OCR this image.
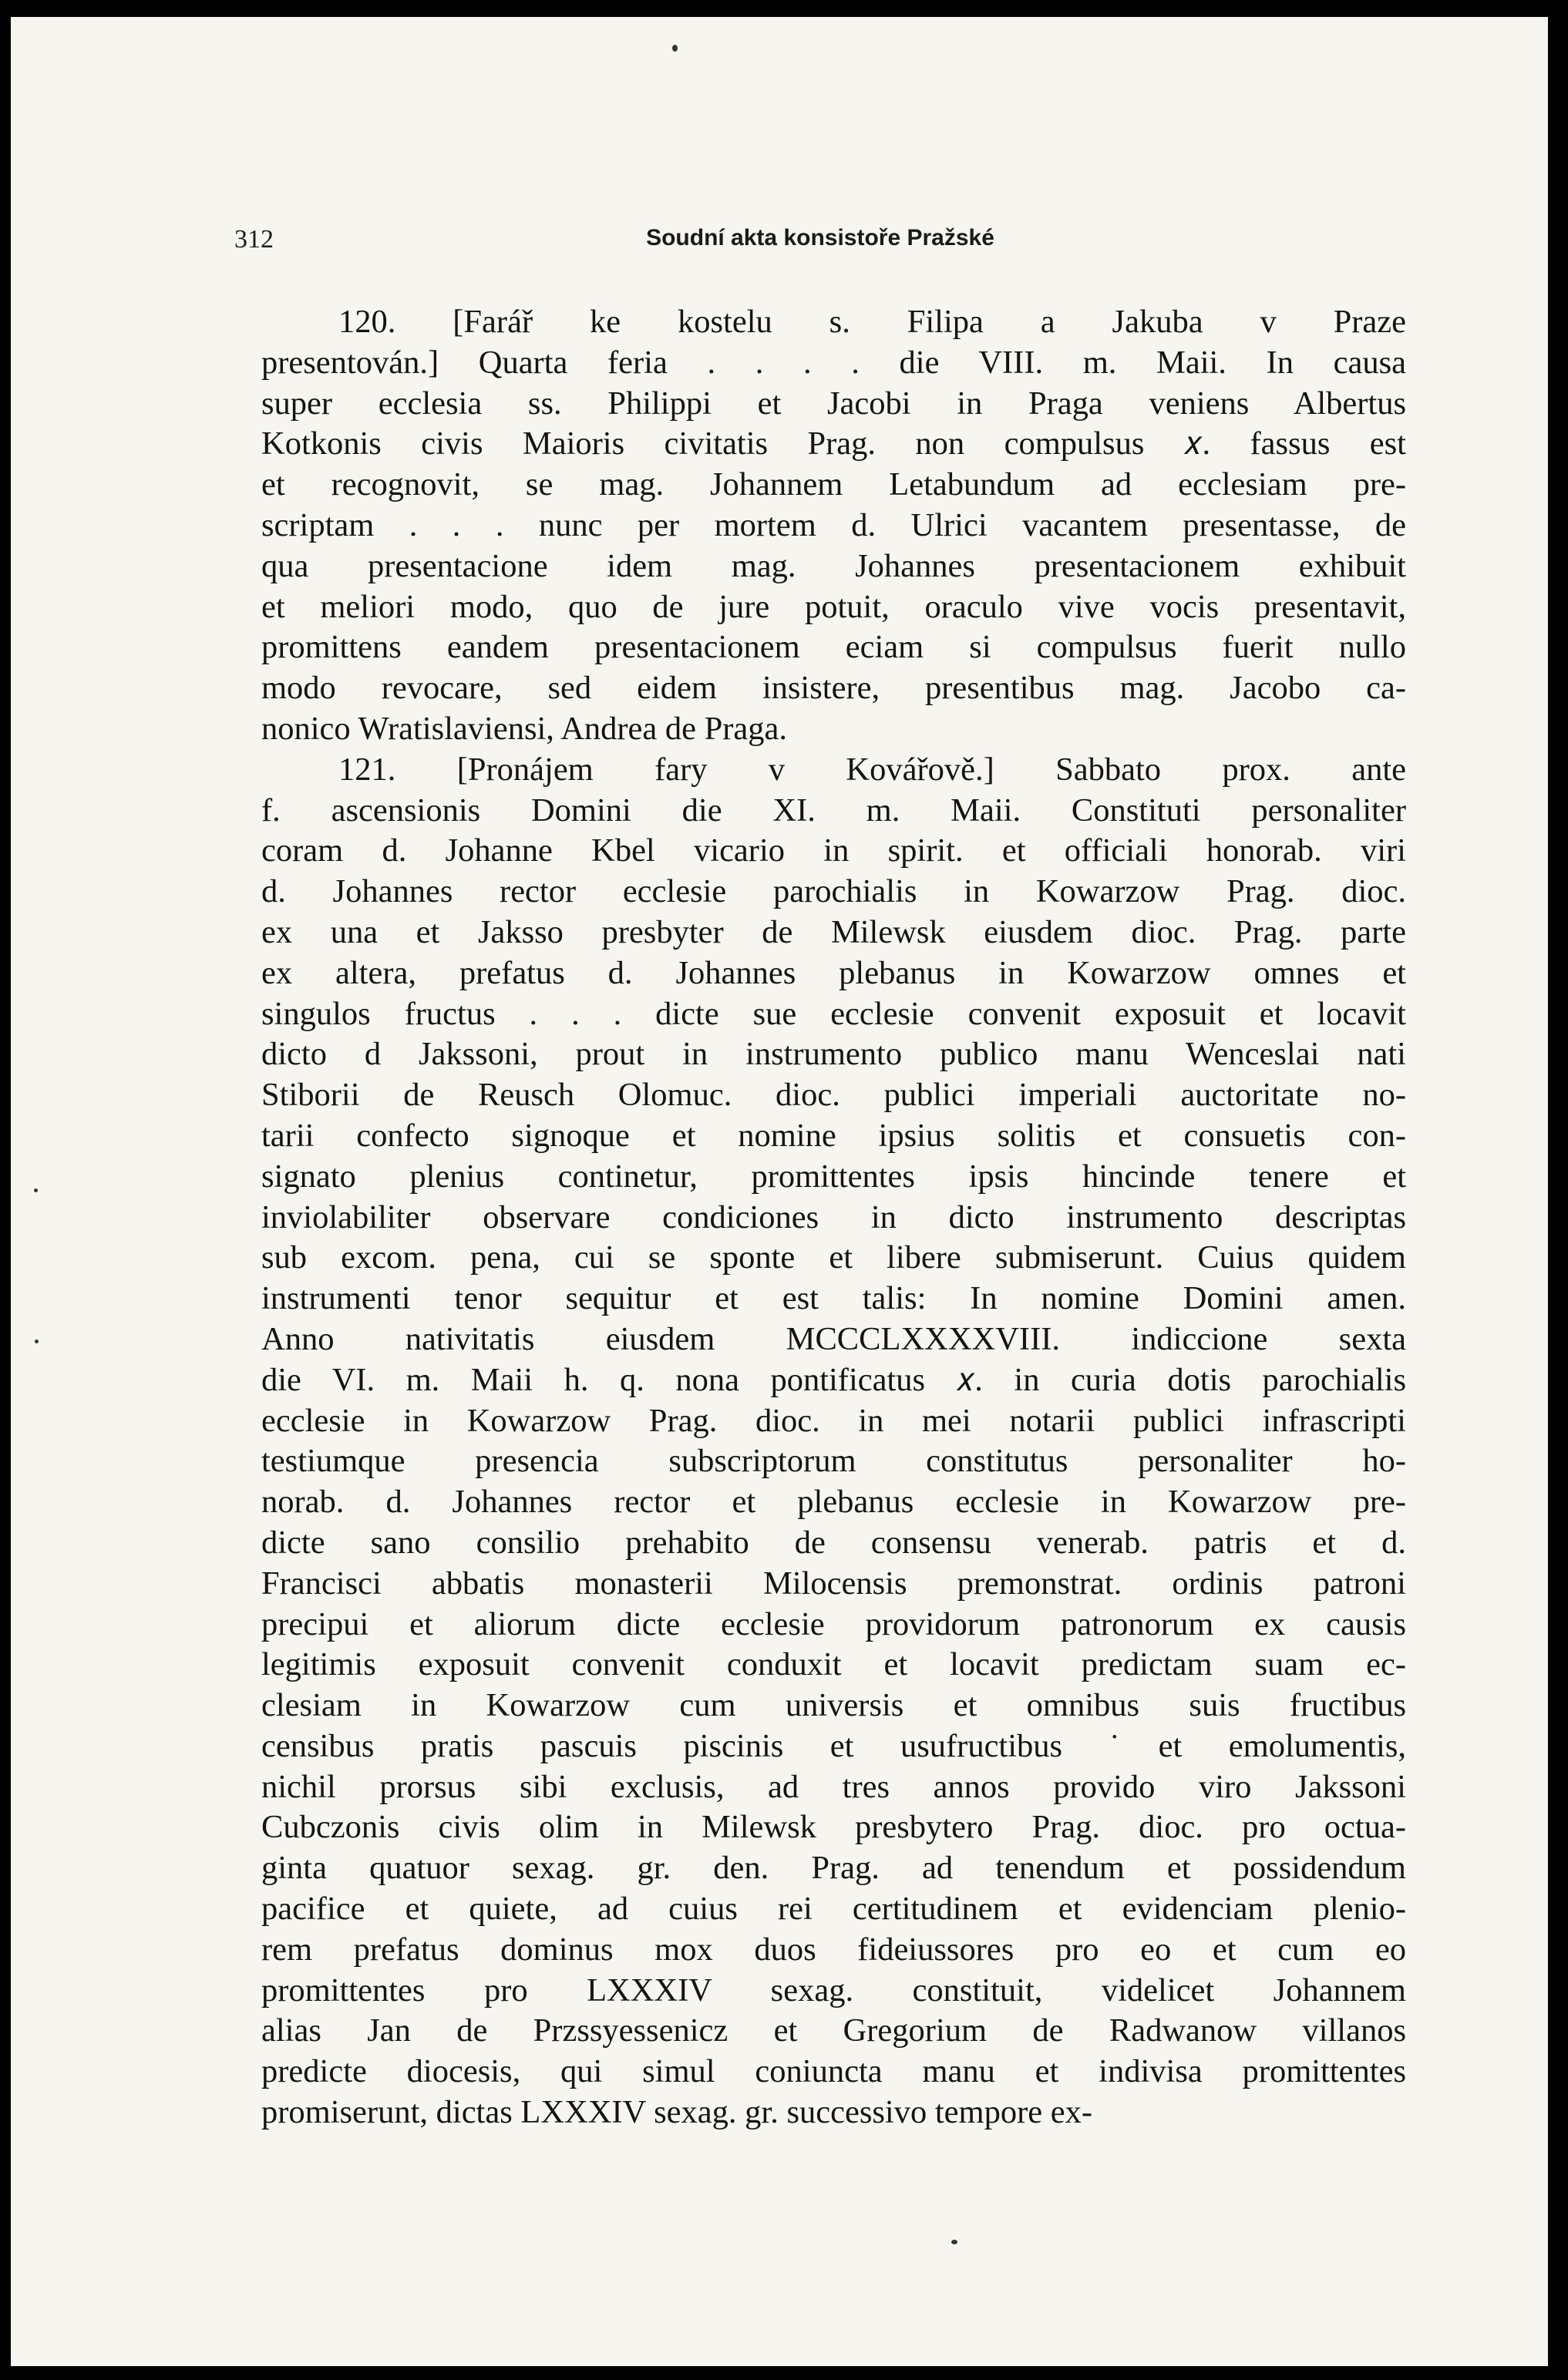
312	Soudní akta konsistoře Pražské
120. [Farář ke kostelu s. Filipa a Jakuba v Praze
presentován.] Quarta feria . . . . die VIII. m. Maii. In causa
super ecclesia ss. Philippi et Jacobi in Praga veniens Albertus
Kotkonis civis Maioris civitatis Prag. non compulsus 𝑥. fassus est
et recognovit, se mag. Johannem Letabundum ad ecclesiam pre-
scriptam . . . nunc per mortem d. Ulrici vacantem presentasse, de
qua presentacione idem mag. Johannes presentacionem exhibuit
et meliori modo, quo de jure potuit, oraculo vive vocis presentavit,
promittens eandem presentacionem eciam si compulsus fuerit nullo
modo revocare, sed eidem insistere, presentibus mag. Jacobo ca-
nonico Wratislaviensi, Andrea de Praga.
121. [Pronájem fary v Kovářově.] Sabbato prox. ante
f. ascensionis Domini die XI. m. Maii. Constituti personaliter
coram d. Johanne Kbel vicario in spirit. et officiali honorab. viri
d. Johannes rector ecclesie parochialis in Kowarzow Prag. dioc.
ex una et Jaksso presbyter de Milewsk eiusdem dioc. Prag. parte
ex altera, prefatus d. Johannes plebanus in Kowarzow omnes et
singulos fructus . . . dicte sue ecclesie convenit exposuit et locavit
dicto d Jakssoni, prout in instrumento publico manu Wenceslai nati
Stiborii de Reusch Olomuc. dioc. publici imperiali auctoritate no-
tarii confecto signoque et nomine ipsius solitis et consuetis con-
signato plenius continetur, promittentes ipsis hincinde tenere et
inviolabiliter observare condiciones in dicto instrumento descriptas
sub excom. pena, cui se sponte et libere submiserunt. Cuius quidem
instrumenti tenor sequitur et est talis: In nomine Domini amen.
Anno nativitatis eiusdem MCCCLXXXXVIII. indiccione sexta
die VI. m. Maii h. q. nona pontificatus 𝑥. in curia dotis parochialis
ecclesie in Kowarzow Prag. dioc. in mei notarii publici infrascripti
testiumque presencia subscriptorum constitutus personaliter ho-
norab. d. Johannes rector et plebanus ecclesie in Kowarzow pre-
dicte sano consilio prehabito de consensu venerab. patris et d.
Francisci abbatis monasterii Milocensis premonstrat. ordinis patroni
precipui et aliorum dicte ecclesie providorum patronorum ex causis
legitimis exposuit convenit conduxit et locavit predictam suam ec-
clesiam in Kowarzow cum universis et omnibus suis fructibus
censibus pratis pascuis piscinis et usufructibus ˙et emolumentis,
nichil prorsus sibi exclusis, ad tres annos provido viro Jakssoni
Cubczonis civis olim in Milewsk presbytero Prag. dioc. pro octua-
ginta quatuor sexag. gr. den. Prag. ad tenendum et possidendum
pacifice et quiete, ad cuius rei certitudinem et evidenciam plenio-
rem prefatus dominus mox duos fideiussores pro eo et cum eo
promittentes pro LXXXIV sexag. constituit, videlicet Johannem
alias Jan de Przssyessenicz et Gregorium de Radwanow villanos
predicte diocesis, qui simul coniuncta manu et indivisa promittentes
promiserunt, dictas LXXXIV sexag. gr. successivo tempore ex-
